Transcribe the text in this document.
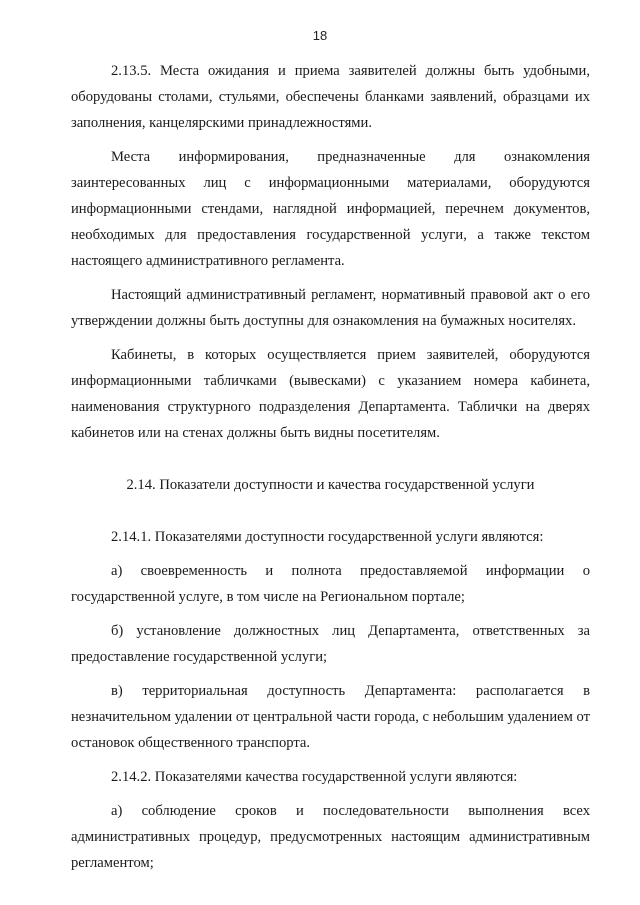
18

2.13.5. Места ожидания и приема заявителей должны быть удобными, оборудованы столами, стульями, обеспечены бланками заявлений, образцами их заполнения, канцелярскими принадлежностями.

Места информирования, предназначенные для ознакомления заинтересованных лиц с информационными материалами, оборудуются информационными стендами, наглядной информацией, перечнем документов, необходимых для предоставления государственной услуги, а также текстом настоящего административного регламента.

Настоящий административный регламент, нормативный правовой акт о его утверждении должны быть доступны для ознакомления на бумажных носителях.

Кабинеты, в которых осуществляется прием заявителей, оборудуются информационными табличками (вывесками) с указанием номера кабинета, наименования структурного подразделения Департамента. Таблички на дверях кабинетов или на стенах должны быть видны посетителям.

2.14. Показатели доступности и качества государственной услуги

2.14.1. Показателями доступности государственной услуги являются:

а) своевременность и полнота предоставляемой информации о государственной услуге, в том числе на Региональном портале;

б) установление должностных лиц Департамента, ответственных за предоставление государственной услуги;

в) территориальная доступность Департамента: располагается в незначительном удалении от центральной части города, с небольшим удалением от остановок общественного транспорта.

2.14.2. Показателями качества государственной услуги являются:

а) соблюдение сроков и последовательности выполнения всех административных процедур, предусмотренных настоящим административным регламентом;
